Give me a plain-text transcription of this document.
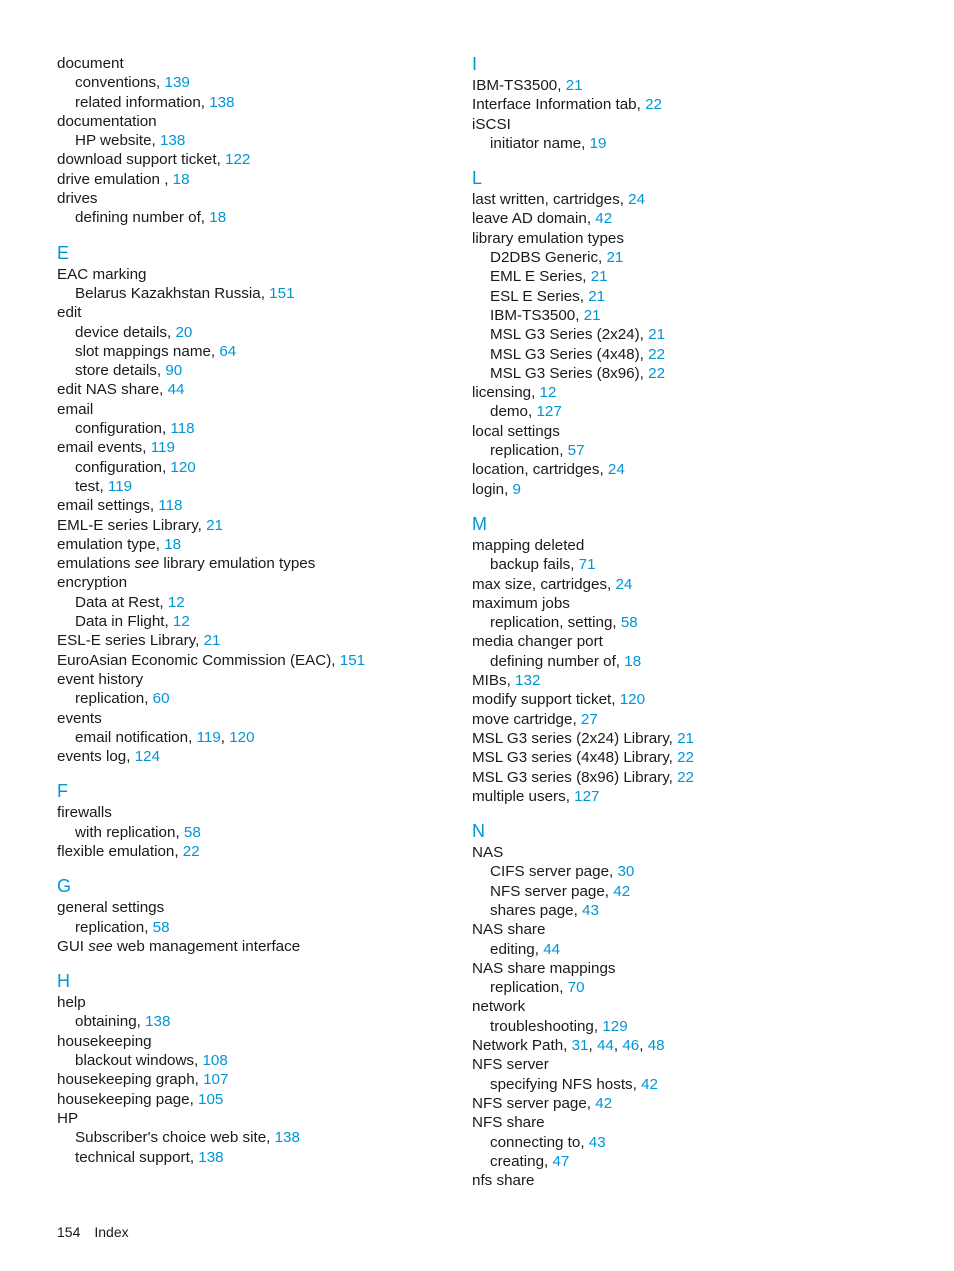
document
conventions, 139
related information, 138
documentation
HP website, 138
download support ticket, 122
drive emulation , 18
drives
defining number of, 18
E
EAC marking
Belarus Kazakhstan Russia, 151
edit
device details, 20
slot mappings name, 64
store details, 90
edit NAS share, 44
email
configuration, 118
email events, 119
configuration, 120
test, 119
email settings, 118
EML-E series Library, 21
emulation type, 18
emulations see library emulation types
encryption
Data at Rest, 12
Data in Flight, 12
ESL-E series Library, 21
EuroAsian Economic Commission (EAC), 151
event history
replication, 60
events
email notification, 119, 120
events log, 124
F
firewalls
with replication, 58
flexible emulation, 22
G
general settings
replication, 58
GUI see web management interface
H
help
obtaining, 138
housekeeping
blackout windows, 108
housekeeping graph, 107
housekeeping page, 105
HP
Subscriber's choice web site, 138
technical support, 138
I
IBM-TS3500, 21
Interface Information tab, 22
iSCSI
initiator name, 19
L
last written, cartridges, 24
leave AD domain, 42
library emulation types
D2DBS Generic, 21
EML E Series, 21
ESL E Series, 21
IBM-TS3500, 21
MSL G3 Series (2x24), 21
MSL G3 Series (4x48), 22
MSL G3 Series (8x96), 22
licensing, 12
demo, 127
local settings
replication, 57
location, cartridges, 24
login, 9
M
mapping deleted
backup fails, 71
max size, cartridges, 24
maximum jobs
replication, setting, 58
media changer port
defining number of, 18
MIBs, 132
modify support ticket, 120
move cartridge, 27
MSL G3 series (2x24) Library, 21
MSL G3 series (4x48) Library, 22
MSL G3 series (8x96) Library, 22
multiple users, 127
N
NAS
CIFS server page, 30
NFS server page, 42
shares page, 43
NAS share
editing, 44
NAS share mappings
replication, 70
network
troubleshooting, 129
Network Path, 31, 44, 46, 48
NFS server
specifying NFS hosts, 42
NFS server page, 42
NFS share
connecting to, 43
creating, 47
nfs share
154 Index
